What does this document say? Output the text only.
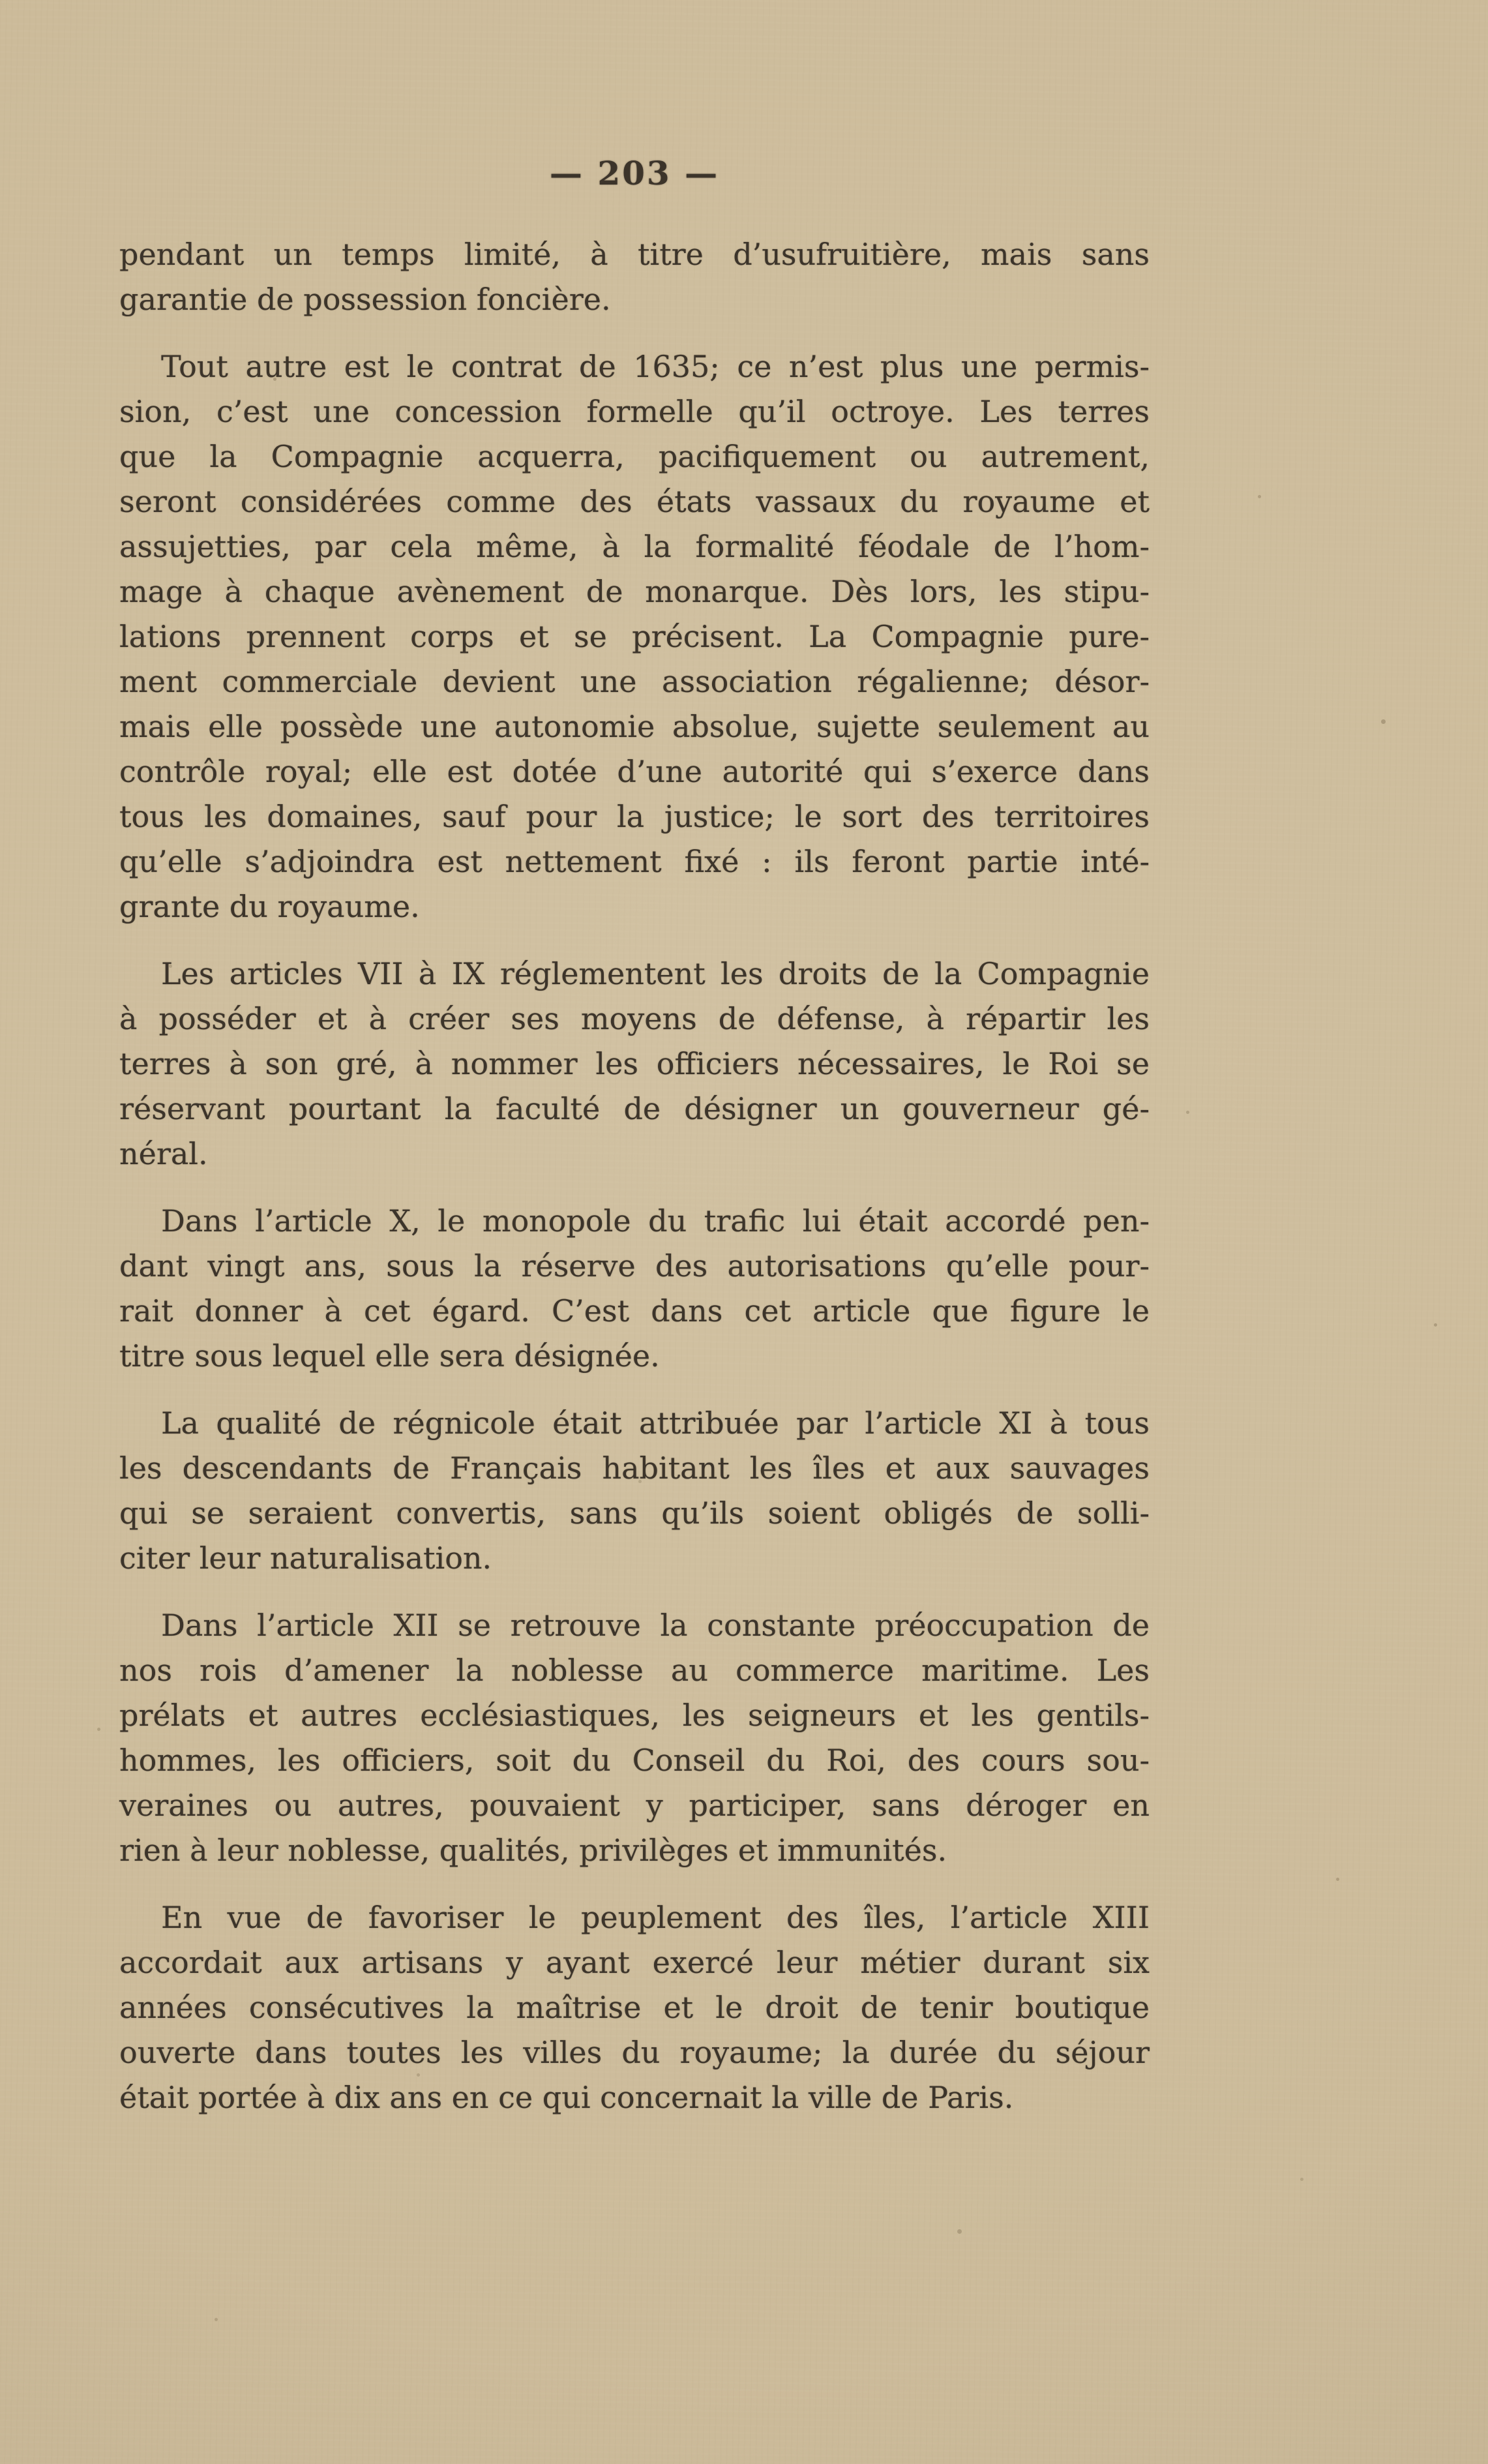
— 203 —
pendant un temps limité, à titre d’usufruitière, mais sans
garantie de possession foncière.
Tout autre est le contrat de 1635; ce n’est plus une permis-
sion, c’est une concession formelle qu’il octroye. Les terres
que la Compagnie acquerra, pacifiquement ou autrement,
seront considérées comme des états vassaux du royaume et
assujetties, par cela même, à la formalité féodale de l’hom-
mage à chaque avènement de monarque. Dès lors, les stipu-
lations prennent corps et se précisent. La Compagnie pure-
ment commerciale devient une association régalienne; désor-
mais elle possède une autonomie absolue, sujette seulement au
contrôle royal; elle est dotée d’une autorité qui s’exerce dans
tous les domaines, sauf pour la justice; le sort des territoires
qu’elle s’adjoindra est nettement fixé : ils feront partie inté-
grante du royaume.
Les articles VII à IX réglementent les droits de la Compagnie
à posséder et à créer ses moyens de défense, à répartir les
terres à son gré, à nommer les officiers nécessaires, le Roi se
réservant pourtant la faculté de désigner un gouverneur gé-
néral.
Dans l’article X, le monopole du trafic lui était accordé pen-
dant vingt ans, sous la réserve des autorisations qu’elle pour-
rait donner à cet égard. C’est dans cet article que figure le
titre sous lequel elle sera désignée.
La qualité de régnicole était attribuée par l’article XI à tous
les descendants de Français habitant les îles et aux sauvages
qui se seraient convertis, sans qu’ils soient obligés de solli-
citer leur naturalisation.
Dans l’article XII se retrouve la constante préoccupation de
nos rois d’amener la noblesse au commerce maritime. Les
prélats et autres ecclésiastiques, les seigneurs et les gentils-
hommes, les officiers, soit du Conseil du Roi, des cours sou-
veraines ou autres, pouvaient y participer, sans déroger en
rien à leur noblesse, qualités, privilèges et immunités.
En vue de favoriser le peuplement des îles, l’article XIII
accordait aux artisans y ayant exercé leur métier durant six
années consécutives la maîtrise et le droit de tenir boutique
ouverte dans toutes les villes du royaume; la durée du séjour
était portée à dix ans en ce qui concernait la ville de Paris.
